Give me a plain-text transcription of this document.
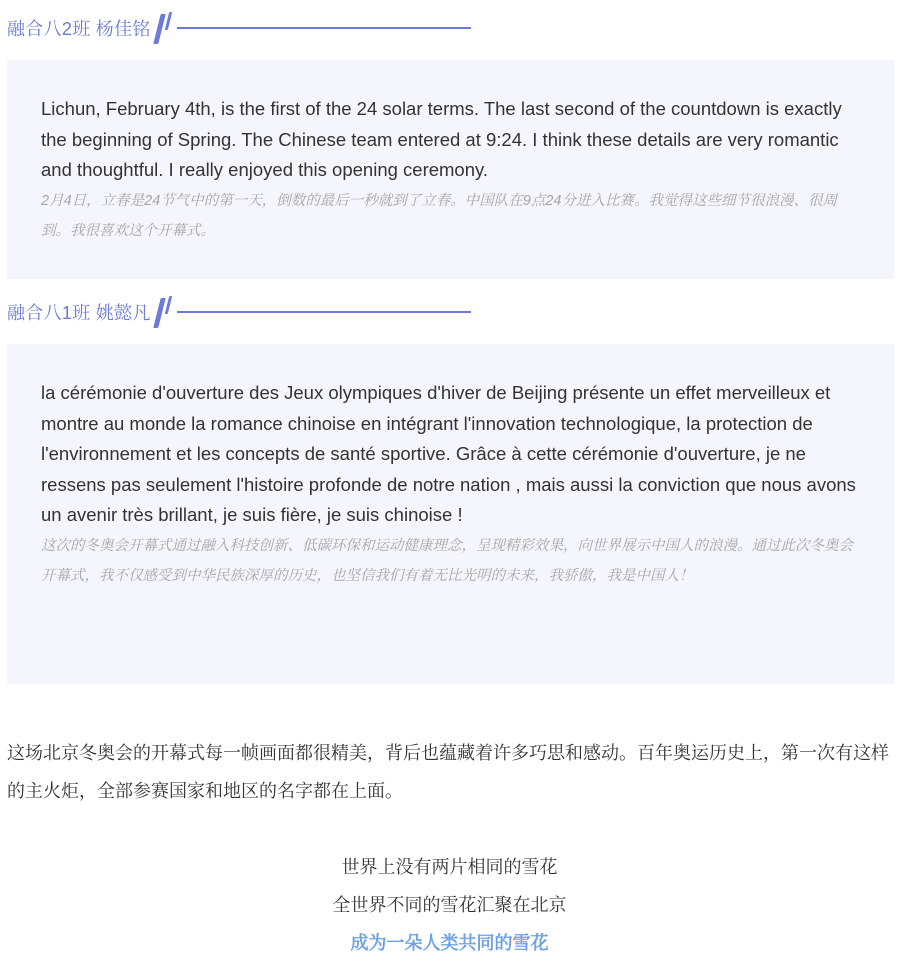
融合八2班 杨佳铭

Lichun, February 4th, is the first of the 24 solar terms. The last second of the countdown is exactly the beginning of Spring. The Chinese team entered at 9:24. I think these details are very romantic and thoughtful. I really enjoyed this opening ceremony.

2月4日，立春是24节气中的第一天，倒数的最后一秒就到了立春。中国队在9点24分进入比赛。我觉得这些细节很浪漫、很周到。我很喜欢这个开幕式。

融合八1班 姚懿凡

la cérémonie d'ouverture des Jeux olympiques d'hiver de Beijing présente un effet merveilleux et montre au monde la romance chinoise en intégrant l'innovation technologique, la protection de l'environnement et les concepts de santé sportive. Grâce à cette cérémonie d'ouverture, je ne ressens pas seulement l'histoire profonde de notre nation , mais aussi la conviction que nous avons un avenir très brillant, je suis fière, je suis chinoise !

这次的冬奥会开幕式通过融入科技创新、低碳环保和运动健康理念，呈现精彩效果，向世界展示中国人的浪漫。通过此次冬奥会开幕式，我不仅感受到中华民族深厚的历史，也坚信我们有着无比光明的未来，我骄傲，我是中国人！

这场北京冬奥会的开幕式每一帧画面都很精美，背后也蕴藏着许多巧思和感动。百年奥运历史上，第一次有这样的主火炬，全部参赛国家和地区的名字都在上面。

世界上没有两片相同的雪花
全世界不同的雪花汇聚在北京
成为一朵人类共同的雪花
